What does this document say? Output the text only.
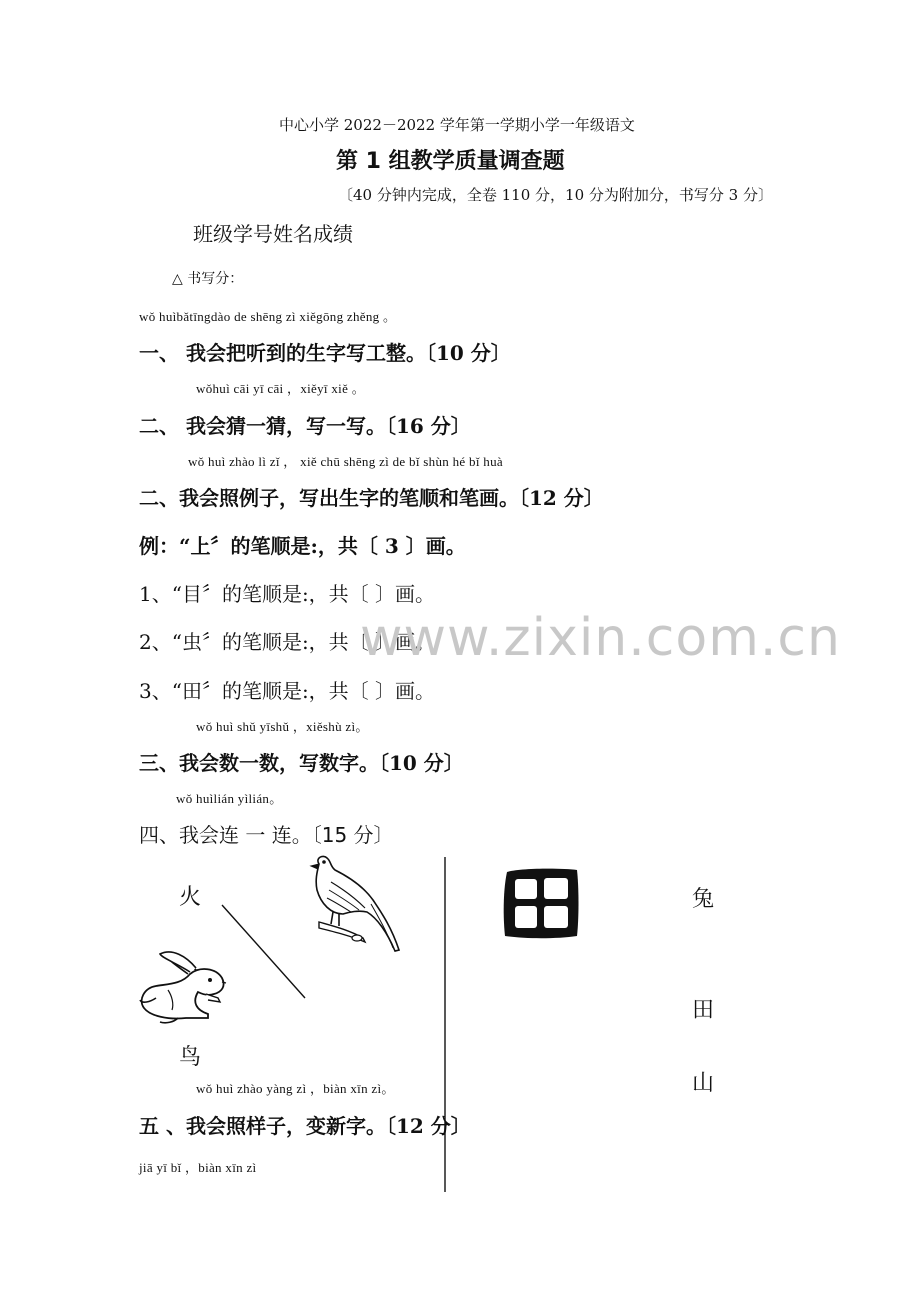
中心小学 2022－2022 学年第一学期小学一年级语文
第 1 组教学质量调查题
〔40 分钟内完成，全卷 110 分，10 分为附加分，书写分 3 分〕
班级学号姓名成绩
△ 书写分：
wǒ huìbǎtīngdào de shēng zì xiěgōng zhěng 。
一、 我会把听到的生字写工整。〔10 分〕
wǒhuì cāi yī cāi ，xiěyī xiě 。
二、 我会猜一猜，写一写。〔16 分〕
wǒ huì zhào lì zǐ ， xiě chū shēng zì de bǐ shùn hé bǐ huà
二、我会照例子，写出生字的笔顺和笔画。〔12 分〕
例：“上〞的笔顺是:，共〔 3 〕画。
1、“目〞的笔顺是:，共〔 〕画。
2、“虫〞的笔顺是:，共〔 〕画。
3、“田〞的笔顺是:，共〔 〕画。
www.zixin.com.cn
wǒ huì shǔ yīshǔ ，xiěshù zì。
三、我会数一数，写数字。〔10 分〕
wǒ huìlián yìlián。
四、我会连 一 连。〔15 分〕
火
鸟
兔
田
山
wǒ huì zhào yàng zì ，biàn xīn zì。
五 、我会照样子，变新字。〔12 分〕
jiā yī bǐ ，biàn xīn zì
